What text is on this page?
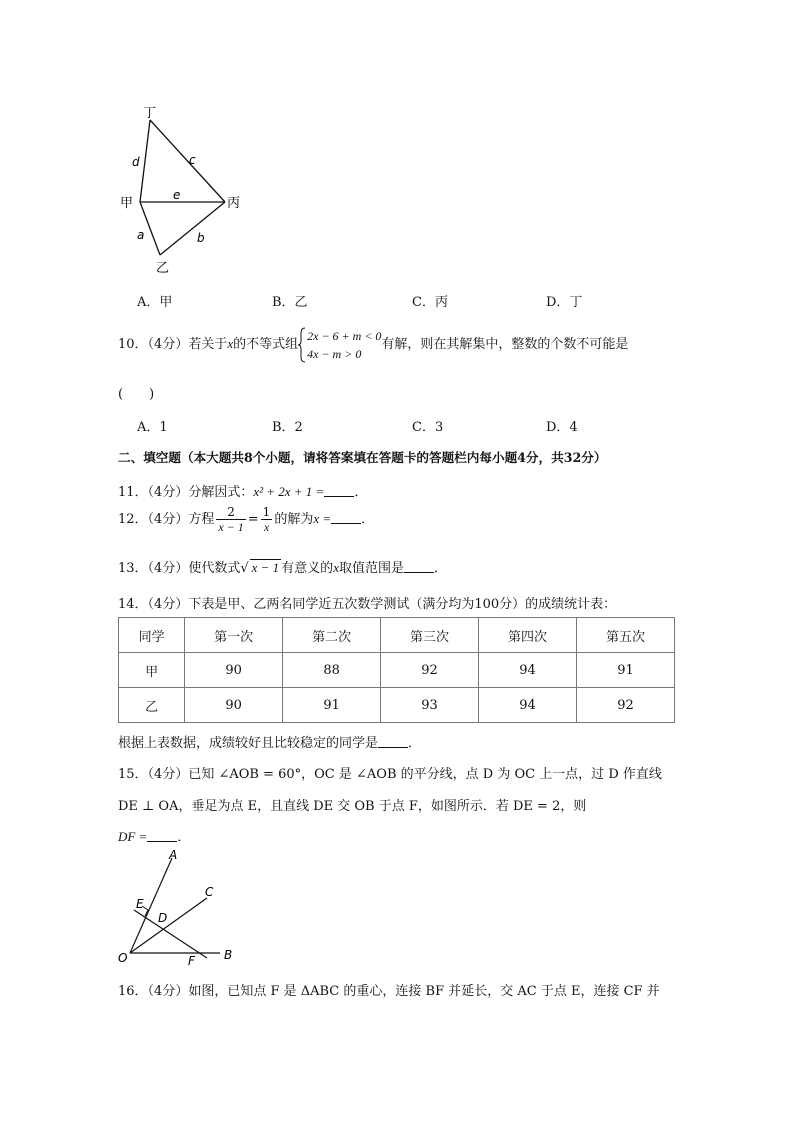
丁
甲	丙
乙
d	c
e
a	b
A．甲	B．乙	C．丙	D．丁
10．（4分）若关于x的不等式组
2x − 6 + m < 0
4x − m > 0
有解，则在其解集中，整数的个数不可能是
(　　)
A．1	B．2	C．3	D．4
二、填空题（本大题共8个小题，请将答案填在答题卡的答题栏内每小题4分，共32分）
11．（4分）分解因式：x² + 2x + 1 = ．
12．（4分）方程 $\frac{2}{x - 1} = \frac{1}{x}$ 的解为x = ．
13．（4分）使代数式√ x − 1 有意义的x取值范围是 ．
14．（4分）下表是甲、乙两名同学近五次数学测试（满分均为100分）的成绩统计表：
同学	第一次	第二次	第三次	第四次	第五次
甲	90	88	92	94	91
乙	90	91	93	94	92
根据上表数据，成绩较好且比较稳定的同学是 ．
15．（4分）已知 ∠AOB = 60°，OC 是 ∠AOB 的平分线，点 D 为 OC 上一点，过 D 作直线
DE ⊥ OA，垂足为点 E，且直线 DE 交 OB 于点 F，如图所示．若 DE = 2，则
DF = ．
A
C
E
D
O	F B
16．（4分）如图，已知点 F 是 ΔABC 的重心，连接 BF 并延长，交 AC 于点 E，连接 CF 并
